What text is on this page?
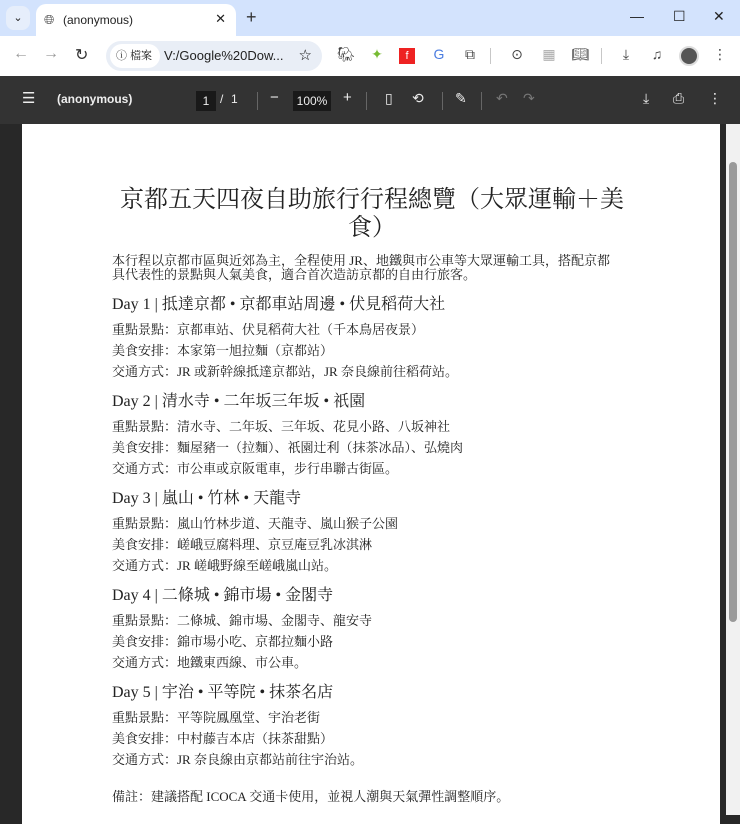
⌄	🌐︎ (anonymous)	✕ +	— ☐ ✕
← → ↻	ⓘ 檔案 V:/Google%20Dow... ☆ 🐘︎ ✦	f	G ⧉	⊙ ▦ 📖︎	⤓	♫	⋮
☰ (anonymous)	1 / 1 −	100% + ▯ ⟲ ✎ ↶ ↷	⤓ ⎙ ⋮
京都五天四夜自助旅行行程總覽（大眾運輸＋美食）
本行程以京都市區與近郊為主，全程使用 JR、地鐵與市公車等大眾運輸工具，搭配京都具代表性的景點與人氣美食，適合首次造訪京都的自由行旅客。
Day 1 | 抵達京都 • 京都車站周邊 • 伏見稻荷大社

重點景點：京都車站、伏見稻荷大社（千本鳥居夜景）

美食安排：本家第一旭拉麵（京都站）

交通方式：JR 或新幹線抵達京都站，JR 奈良線前往稻荷站。

Day 2 | 清水寺 • 二年坂三年坂 • 祇園

重點景點：清水寺、二年坂、三年坂、花見小路、八坂神社

美食安排：麵屋豬一（拉麵）、祇園辻利（抹茶冰品）、弘燒肉

交通方式：市公車或京阪電車，步行串聯古街區。

Day 3 | 嵐山 • 竹林 • 天龍寺

重點景點：嵐山竹林步道、天龍寺、嵐山猴子公園

美食安排：嵯峨豆腐料理、京豆庵豆乳冰淇淋

交通方式：JR 嵯峨野線至嵯峨嵐山站。

Day 4 | 二條城 • 錦市場 • 金閣寺

重點景點：二條城、錦市場、金閣寺、龍安寺

美食安排：錦市場小吃、京都拉麵小路

交通方式：地鐵東西線、市公車。

Day 5 | 宇治 • 平等院 • 抹茶名店

重點景點：平等院鳳凰堂、宇治老街

美食安排：中村藤吉本店（抹茶甜點）

交通方式：JR 奈良線由京都站前往宇治站。

備註：建議搭配 ICOCA 交通卡使用，並視人潮與天氣彈性調整順序。
